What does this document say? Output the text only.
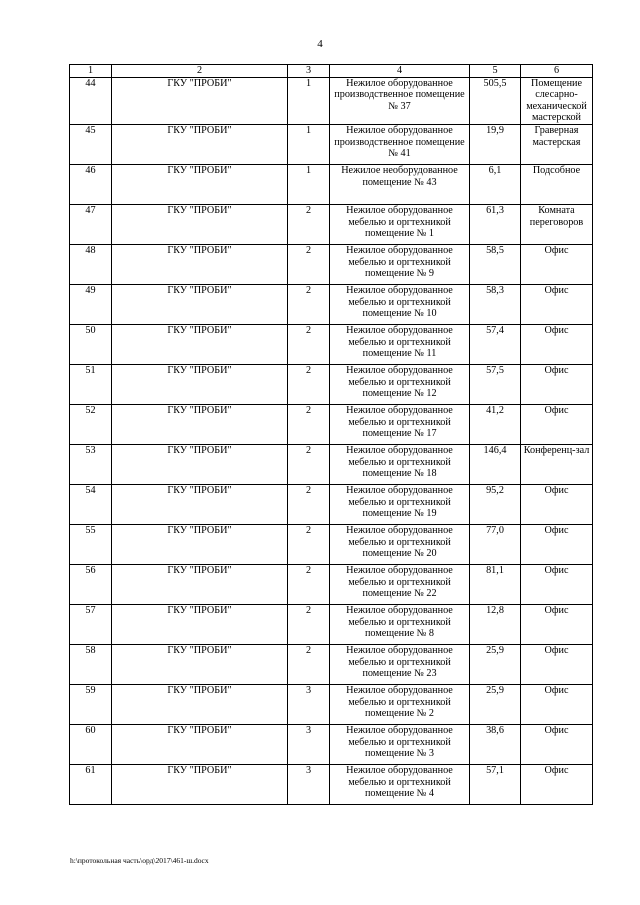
4
1	2	3	4	5	6
44	ГКУ "ПРОБИ"	1	Нежилое оборудованное производственное помещение № 37	505,5	Помещение слесарно-механической мастерской
45	ГКУ "ПРОБИ"	1	Нежилое оборудованное производственное помещение № 41	19,9	Граверная мастерская
46	ГКУ "ПРОБИ"	1	Нежилое необорудованное помещение № 43	6,1	Подсобное
47	ГКУ "ПРОБИ"	2	Нежилое оборудованное мебелью и оргтехникой помещение № 1	61,3	Комната переговоров
48	ГКУ "ПРОБИ"	2	Нежилое оборудованное мебелью и оргтехникой помещение № 9	58,5	Офис
49	ГКУ "ПРОБИ"	2	Нежилое оборудованное мебелью и оргтехникой помещение № 10	58,3	Офис
50	ГКУ "ПРОБИ"	2	Нежилое оборудованное мебелью и оргтехникой помещение № 11	57,4	Офис
51	ГКУ "ПРОБИ"	2	Нежилое оборудованное мебелью и оргтехникой помещение № 12	57,5	Офис
52	ГКУ "ПРОБИ"	2	Нежилое оборудованное мебелью и оргтехникой помещение № 17	41,2	Офис
53	ГКУ "ПРОБИ"	2	Нежилое оборудованное мебелью и оргтехникой помещение № 18	146,4	Конференц-зал
54	ГКУ "ПРОБИ"	2	Нежилое оборудованное мебелью и оргтехникой помещение № 19	95,2	Офис
55	ГКУ "ПРОБИ"	2	Нежилое оборудованное мебелью и оргтехникой помещение № 20	77,0	Офис
56	ГКУ "ПРОБИ"	2	Нежилое оборудованное мебелью и оргтехникой помещение № 22	81,1	Офис
57	ГКУ "ПРОБИ"	2	Нежилое оборудованное мебелью и оргтехникой помещение № 8	12,8	Офис
58	ГКУ "ПРОБИ"	2	Нежилое оборудованное мебелью и оргтехникой помещение № 23	25,9	Офис
59	ГКУ "ПРОБИ"	3	Нежилое оборудованное мебелью и оргтехникой помещение № 2	25,9	Офис
60	ГКУ "ПРОБИ"	3	Нежилое оборудованное мебелью и оргтехникой помещение № 3	38,6	Офис
61	ГКУ "ПРОБИ"	3	Нежилое оборудованное мебелью и оргтехникой помещение № 4	57,1	Офис
h:\протокольная часть\орд\2017\461-ш.docx
